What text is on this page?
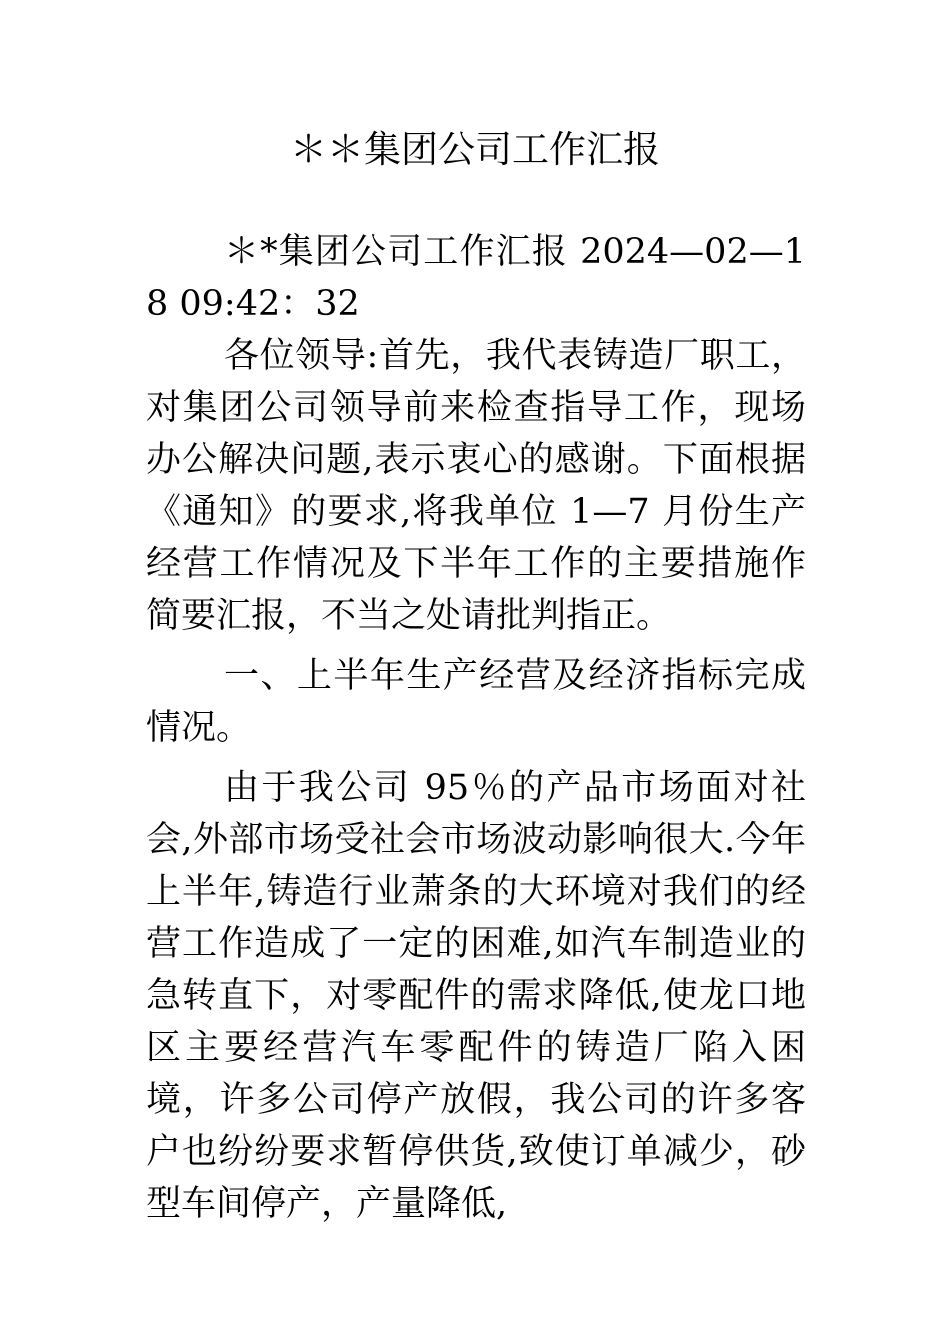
＊＊集团公司工作汇报

＊*集团公司工作汇报 2024—02—18 09:42：32

各位领导:首先，我代表铸造厂职工，对集团公司领导前来检查指导工作，现场办公解决问题,表示衷心的感谢。下面根据《通知》的要求,将我单位 1—7 月份生产经营工作情况及下半年工作的主要措施作简要汇报，不当之处请批判指正。

一、上半年生产经营及经济指标完成情况。

由于我公司 95％的产品市场面对社会,外部市场受社会市场波动影响很大.今年上半年,铸造行业萧条的大环境对我们的经营工作造成了一定的困难,如汽车制造业的急转直下，对零配件的需求降低,使龙口地区主要经营汽车零配件的铸造厂陷入困境，许多公司停产放假，我公司的许多客户也纷纷要求暂停供货,致使订单减少，砂型车间停产，产量降低,
